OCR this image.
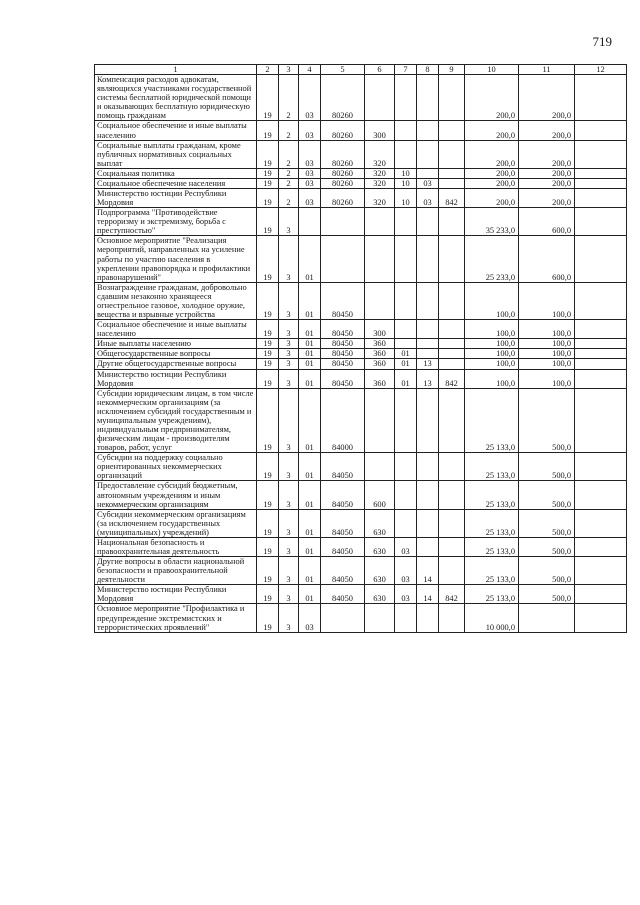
719
1	2	3	4	5	6	7	8	9	10	11	12
Компенсация расходов адвокатам, являющихся участниками государственной системы бесплатной юридической помощи и оказывающих бесплатную юридическую помощь гражданам	19	2	03	80260					200,0	200,0	
Социальное обеспечение и иные выплаты населению	19	2	03	80260	300				200,0	200,0	
Социальные выплаты гражданам, кроме публичных нормативных социальных выплат	19	2	03	80260	320				200,0	200,0	
Социальная политика	19	2	03	80260	320	10			200,0	200,0	
Социальное обеспечение населения	19	2	03	80260	320	10	03		200,0	200,0	
Министерство юстиции Республики Мордовия	19	2	03	80260	320	10	03	842	200,0	200,0	
Подпрограмма "Противодействие терроризму и экстремизму, борьба с преступностью"	19	3							35 233,0	600,0	
Основное мероприятие "Реализация мероприятий, направленных на усиление работы по участию населения в укреплении правопорядка и профилактики правонарушений"	19	3	01						25 233,0	600,0	
Вознаграждение гражданам, добровольно сдавшим незаконно хранящееся огнестрельное газовое, холодное оружие, вещества и взрывные устройства	19	3	01	80450					100,0	100,0	
Социальное обеспечение и иные выплаты населению	19	3	01	80450	300				100,0	100,0	
Иные выплаты населению	19	3	01	80450	360				100,0	100,0	
Общегосударственные вопросы	19	3	01	80450	360	01			100,0	100,0	
Другие общегосударственные вопросы	19	3	01	80450	360	01	13		100,0	100,0	
Министерство юстиции Республики Мордовия	19	3	01	80450	360	01	13	842	100,0	100,0	
Субсидии юридическим лицам, в том числе некоммерческим организациям (за исключением субсидий государственным и муниципальным учреждениям), индивидуальным предпринимателям, физическим лицам - производителям товаров, работ, услуг	19	3	01	84000					25 133,0	500,0	
Субсидии на поддержку социально ориентированных некоммерческих организаций	19	3	01	84050					25 133,0	500,0	
Предоставление субсидий бюджетным, автономным учреждениям и иным некоммерческим организациям	19	3	01	84050	600				25 133,0	500,0	
Субсидии некоммерческим организациям (за исключением государственных (муниципальных) учреждений)	19	3	01	84050	630				25 133,0	500,0	
Национальная безопасность и правоохранительная деятельность	19	3	01	84050	630	03			25 133,0	500,0	
Другие вопросы в области национальной безопасности и правоохранительной деятельности	19	3	01	84050	630	03	14		25 133,0	500,0	
Министерство юстиции Республики Мордовия	19	3	01	84050	630	03	14	842	25 133,0	500,0	
Основное мероприятие "Профилактика и предупреждение экстремистских и террористических проявлений"	19	3	03						10 000,0		
